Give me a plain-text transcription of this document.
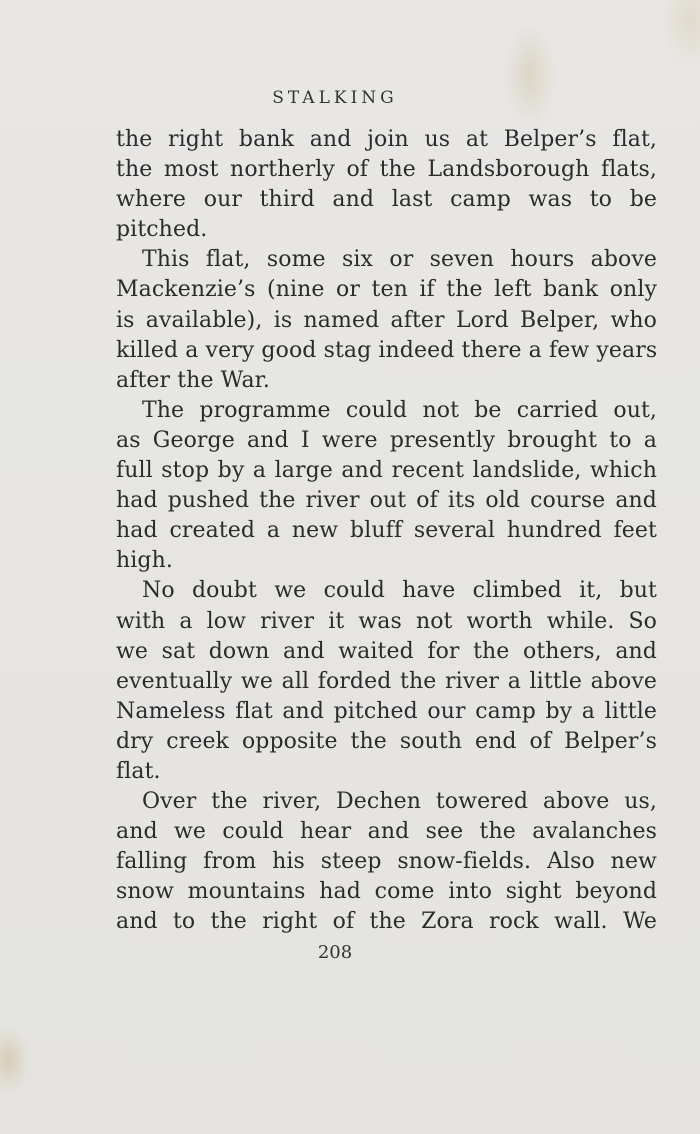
STALKING
the right bank and join us at Belper’s flat,
the most northerly of the Landsborough flats,
where our third and last camp was to be
pitched.
This flat, some six or seven hours above
Mackenzie’s (nine or ten if the left bank only
is available), is named after Lord Belper, who
killed a very good stag indeed there a few years
after the War.
The programme could not be carried out,
as George and I were presently brought to a
full stop by a large and recent landslide, which
had pushed the river out of its old course and
had created a new bluff several hundred feet
high.
No doubt we could have climbed it, but
with a low river it was not worth while. So
we sat down and waited for the others, and
eventually we all forded the river a little above
Nameless flat and pitched our camp by a little
dry creek opposite the south end of Belper’s
flat.
Over the river, Dechen towered above us,
and we could hear and see the avalanches
falling from his steep snow-fields. Also new
snow mountains had come into sight beyond
and to the right of the Zora rock wall. We
208
